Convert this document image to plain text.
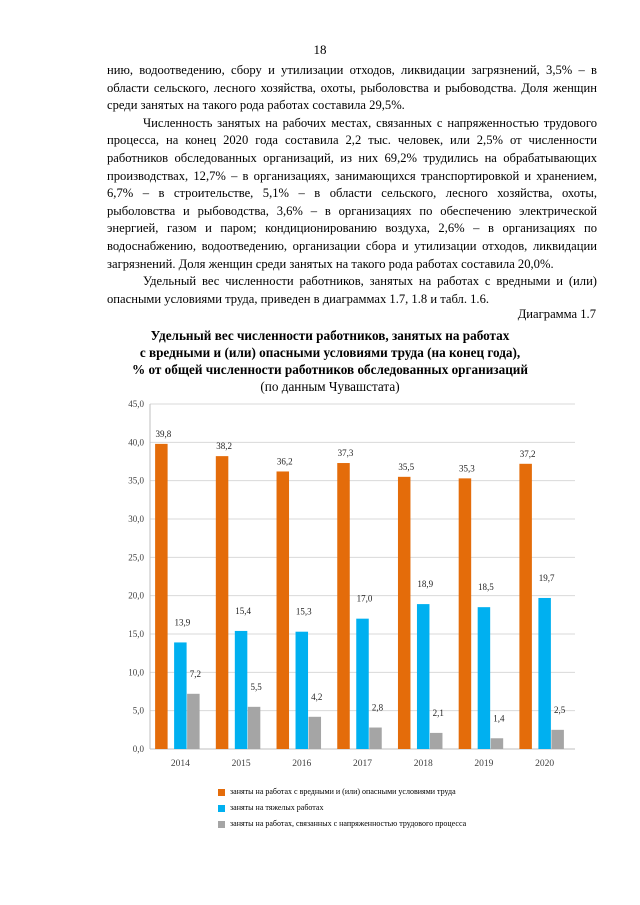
18

нию, водоотведению, сбору и утилизации отходов, ликвидации загрязнений, 3,5% – в области сельского, лесного хозяйства, охоты, рыболовства и рыбоводства. Доля женщин среди занятых на такого рода работах составила 29,5%.

Численность занятых на рабочих местах, связанных с напряженностью трудового процесса, на конец 2020 года составила 2,2 тыс. человек, или 2,5% от численности работников обследованных организаций, из них 69,2% трудились на обрабатывающих производствах, 12,7% – в организациях, занимающихся транспортировкой и хранением, 6,7% – в строительстве, 5,1% – в области сельского, лесного хозяйства, охоты, рыболовства и рыбоводства, 3,6% – в организациях по обеспечению электрической энергией, газом и паром; кондиционированию воздуха, 2,6% – в организациях по водоснабжению, водоотведению, организации сбора и утилизации отходов, ликвидации загрязнений. Доля женщин среди занятых на такого рода работах составила 20,0%.

Удельный вес численности работников, занятых на работах с вредными и (или) опасными условиями труда, приведен в диаграммах 1.7, 1.8 и табл. 1.6.

Диаграмма 1.7
Удельный вес численности работников, занятых на работах
с вредными и (или) опасными условиями труда (на конец года),
% от общей численности работников обследованных организаций
(по данным Чувашстата)
0,0
5,0
10,0
15,0
20,0
25,0
30,0
35,0
40,0
45,0
39,8
13,9
7,2
2014
38,2
15,4
5,5
2015
36,2
15,3
4,2
2016
37,3
17,0
2,8
2017
35,5
18,9
2,1
2018
35,3
18,5
1,4
2019
37,2
19,7
2,5
2020
заняты на работах с вредными и (или) опасными условиями труда
заняты на тяжелых работах
заняты на работах, связанных с напряженностью трудового процесса
